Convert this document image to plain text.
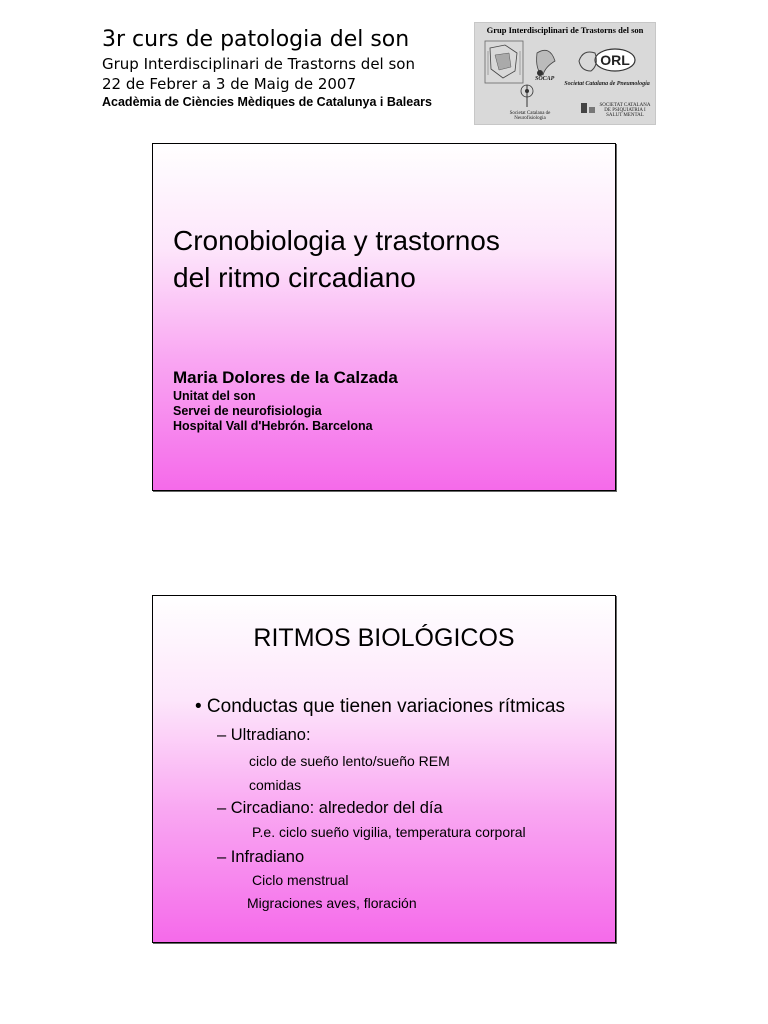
3r curs de patologia del son

Grup Interdisciplinari de Trastorns del son

22 de Febrer a 3 de Maig de 2007

Acadèmia de Ciències Mèdiques de Catalunya i Balears

Grup Interdisciplinari de Trastorns del son
ORL
SOCAP
Societat Catalana de Pneumologia
Societat Catalana de Neurofisiologia
SOCIETAT CATALANA DE PSIQUIATRIA I SALUT MENTAL

Cronobiologia y trastornos
del ritmo circadiano

Maria Dolores de la Calzada
Unitat del son
Servei de neurofisiologia
Hospital Vall d'Hebrón. Barcelona
RITMOS BIOLÓGICOS
• Conductas que tienen variaciones rítmicas
– Ultradiano:
ciclo de sueño lento/sueño REM
comidas
– Circadiano: alrededor del día
P.e. ciclo sueño vigilia, temperatura corporal
– Infradiano
Ciclo menstrual
Migraciones aves, floración
